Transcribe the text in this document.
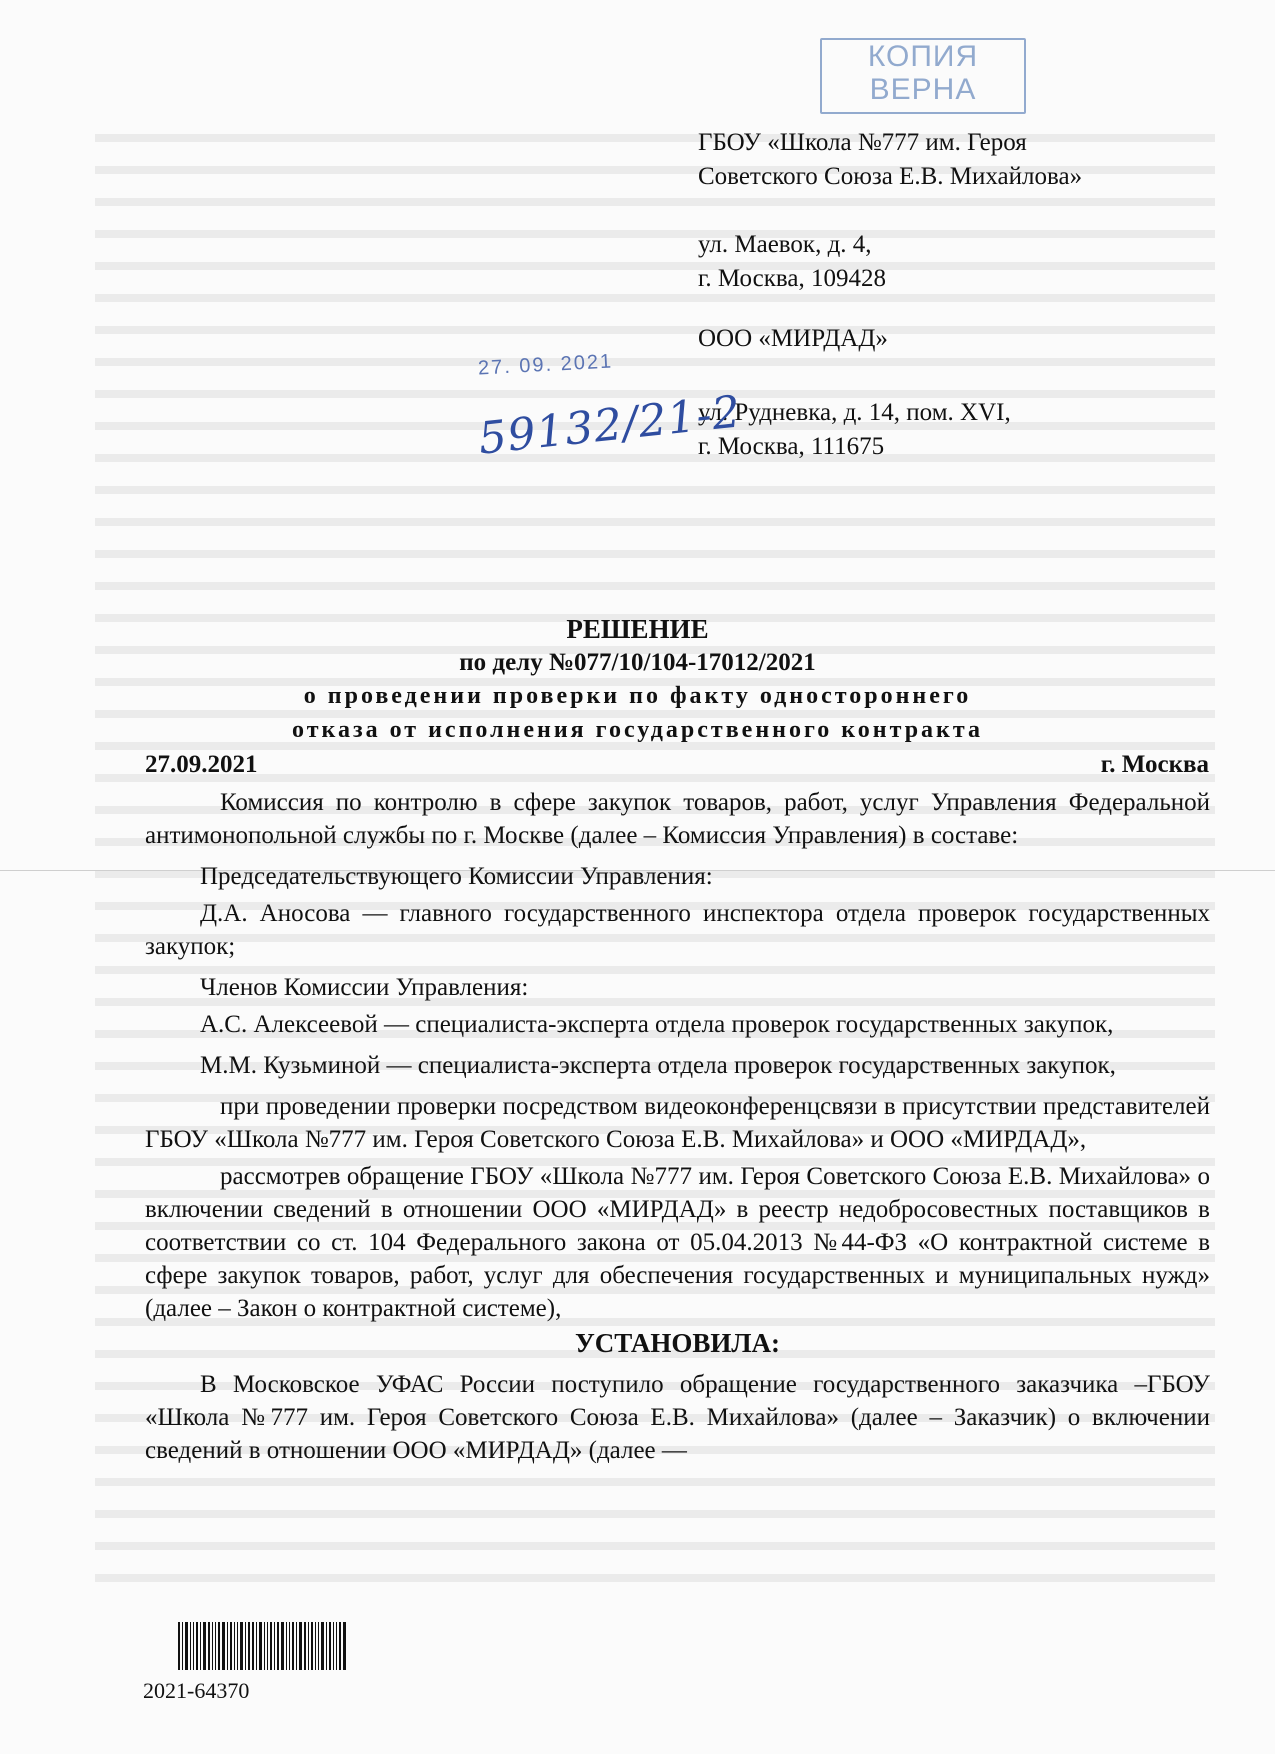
КОПИЯ
ВЕРНА
ГБОУ «Школа №777 им. Героя
Советского Союза Е.В. Михайлова»
ул. Маевок, д. 4,
г. Москва, 109428
ООО «МИРДАД»
ул. Рудневка, д. 14, пом. XVI,
г. Москва, 111675
27. 09. 2021
59132/21-2
РЕШЕНИЕ
по делу №077/10/104-17012/2021
о проведении проверки по факту одностороннего
отказа от исполнения государственного контракта
27.09.2021	г. Москва

Комиссия по контролю в сфере закупок товаров, работ, услуг Управления Федеральной антимонопольной службы по г. Москве (далее – Комиссия Управления) в составе:

Председательствующего Комиссии Управления:

Д.А. Аносова — главного государственного инспектора отдела проверок государственных закупок;

Членов Комиссии Управления:

А.С. Алексеевой — специалиста-эксперта отдела проверок государственных закупок,

М.М. Кузьминой — специалиста-эксперта отдела проверок государственных закупок,

при проведении проверки посредством видеоконференцсвязи в присутствии представителей ГБОУ «Школа №777 им. Героя Советского Союза Е.В. Михайлова» и ООО «МИРДАД»,

рассмотрев обращение ГБОУ «Школа №777 им. Героя Советского Союза Е.В. Михайлова» о включении сведений в отношении ООО «МИРДАД» в реестр недобросовестных поставщиков в соответствии со ст. 104 Федерального закона от 05.04.2013 №44-ФЗ «О контрактной системе в сфере закупок товаров, работ, услуг для обеспечения государственных и муниципальных нужд» (далее – Закон о контрактной системе),

УСТАНОВИЛА:

В Московское УФАС России поступило обращение государственного заказчика –ГБОУ «Школа №777 им. Героя Советского Союза Е.В. Михайлова» (далее – Заказчик) о включении сведений в отношении ООО «МИРДАД» (далее —

2021-64370
